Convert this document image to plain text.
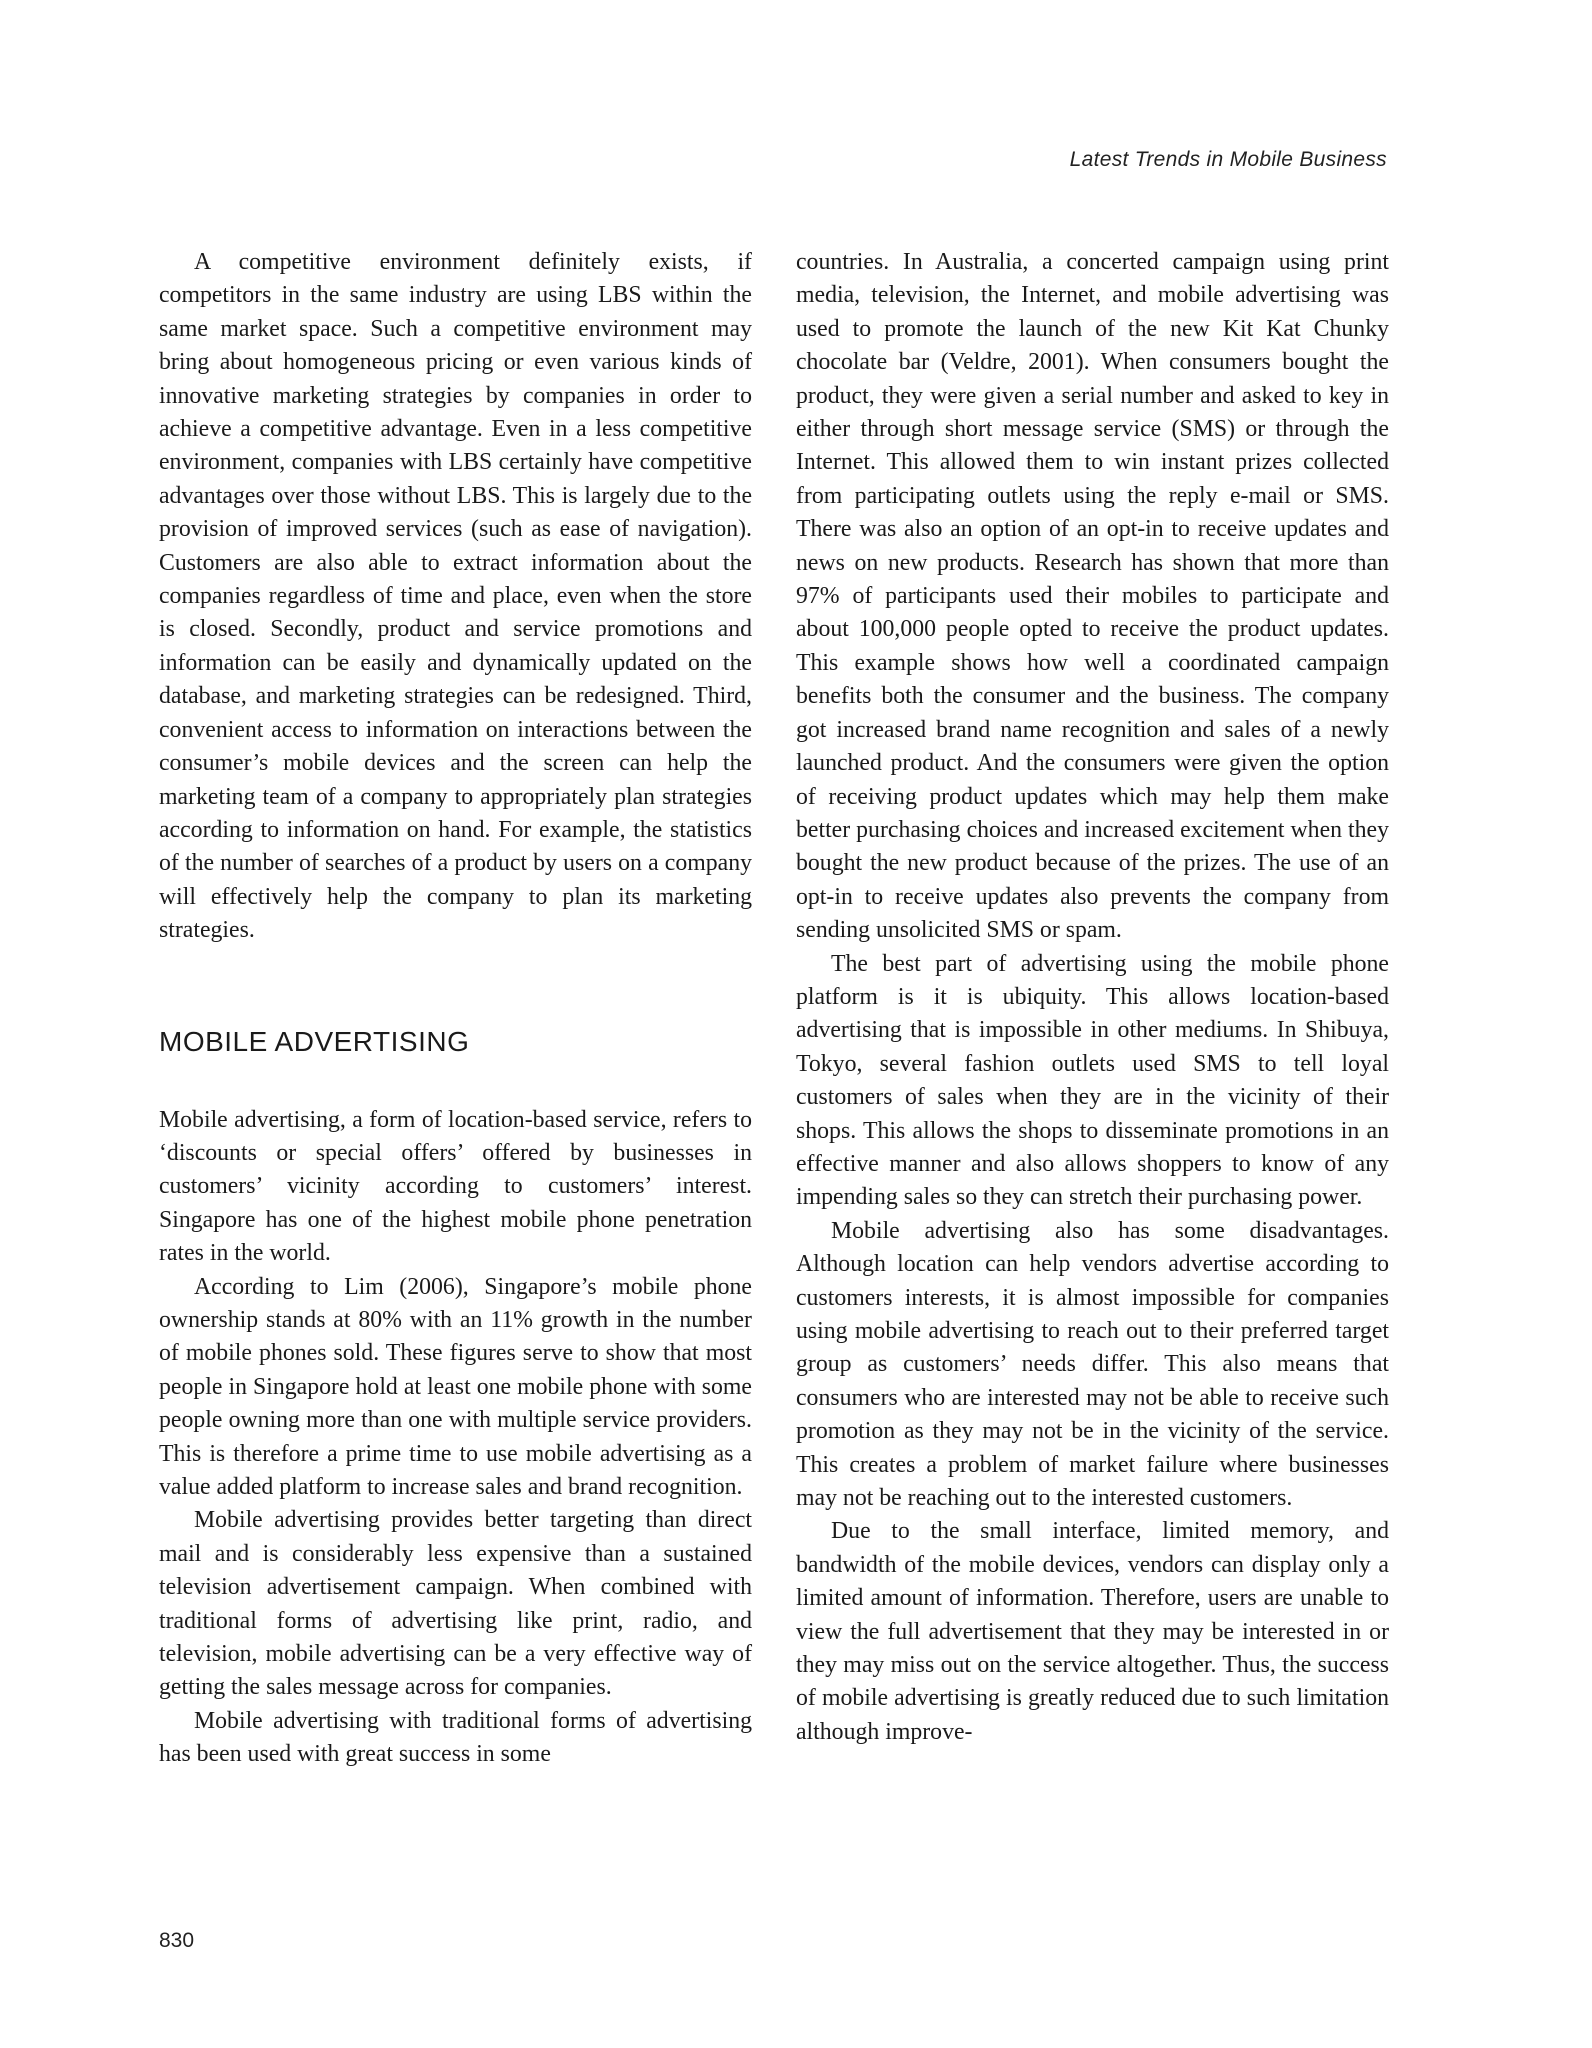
Latest Trends in Mobile Business

A competitive environment definitely exists, if competitors in the same industry are using LBS within the same market space. Such a competitive environment may bring about homogeneous pricing or even various kinds of innovative marketing strategies by companies in order to achieve a competitive advantage. Even in a less competitive environment, companies with LBS certainly have competitive advantages over those without LBS. This is largely due to the provision of improved services (such as ease of navigation). Customers are also able to extract information about the companies regardless of time and place, even when the store is closed. Secondly, product and service promotions and information can be easily and dynamically updated on the database, and marketing strategies can be redesigned. Third, convenient access to information on interactions between the consumer’s mobile devices and the screen can help the marketing team of a company to appropriately plan strategies according to information on hand. For example, the statistics of the number of searches of a product by users on a company will effectively help the company to plan its marketing strategies.

MOBILE ADVERTISING

Mobile advertising, a form of location-based service, refers to ‘discounts or special offers’ offered by businesses in customers’ vicinity according to customers’ interest. Singapore has one of the highest mobile phone penetration rates in the world.

According to Lim (2006), Singapore’s mobile phone ownership stands at 80% with an 11% growth in the number of mobile phones sold. These figures serve to show that most people in Singapore hold at least one mobile phone with some people owning more than one with multiple service providers. This is therefore a prime time to use mobile advertising as a value added platform to increase sales and brand recognition.

Mobile advertising provides better targeting than direct mail and is considerably less expensive than a sustained television advertisement campaign. When combined with traditional forms of advertising like print, radio, and television, mobile advertising can be a very effective way of getting the sales message across for companies.

Mobile advertising with traditional forms of advertising has been used with great success in some

countries. In Australia, a concerted campaign using print media, television, the Internet, and mobile advertising was used to promote the launch of the new Kit Kat Chunky chocolate bar (Veldre, 2001). When consumers bought the product, they were given a serial number and asked to key in either through short message service (SMS) or through the Internet. This allowed them to win instant prizes collected from participating outlets using the reply e-mail or SMS. There was also an option of an opt-in to receive updates and news on new products. Research has shown that more than 97% of participants used their mobiles to participate and about 100,000 people opted to receive the product updates. This example shows how well a coordinated campaign benefits both the consumer and the business. The company got increased brand name recognition and sales of a newly launched product. And the consumers were given the option of receiving product updates which may help them make better purchasing choices and increased excitement when they bought the new product because of the prizes. The use of an opt-in to receive updates also prevents the company from sending unsolicited SMS or spam.

The best part of advertising using the mobile phone platform is it is ubiquity. This allows location-based advertising that is impossible in other mediums. In Shibuya, Tokyo, several fashion outlets used SMS to tell loyal customers of sales when they are in the vicinity of their shops. This allows the shops to disseminate promotions in an effective manner and also allows shoppers to know of any impending sales so they can stretch their purchasing power.

Mobile advertising also has some disadvantages. Although location can help vendors advertise according to customers interests, it is almost impossible for companies using mobile advertising to reach out to their preferred target group as customers’ needs differ. This also means that consumers who are interested may not be able to receive such promotion as they may not be in the vicinity of the service. This creates a problem of market failure where businesses may not be reaching out to the interested customers.

Due to the small interface, limited memory, and bandwidth of the mobile devices, vendors can display only a limited amount of information. Therefore, users are unable to view the full advertisement that they may be interested in or they may miss out on the service altogether. Thus, the success of mobile advertising is greatly reduced due to such limitation although improve-

830
